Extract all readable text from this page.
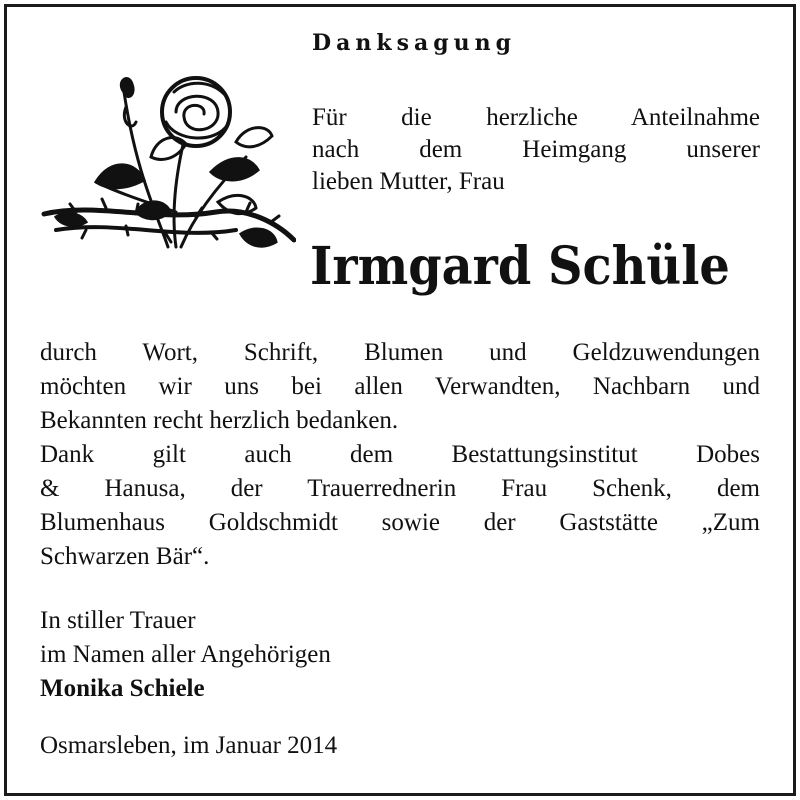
Danksagung
Für die herzliche Anteilnahme
nach dem Heimgang unserer
lieben Mutter, Frau
Irmgard Schüle
durch Wort, Schrift, Blumen und Geldzuwendungen
möchten wir uns bei allen Verwandten, Nachbarn und
Bekannten recht herzlich bedanken.
Dank gilt auch dem Bestattungsinstitut Dobes
& Hanusa, der Trauerrednerin Frau Schenk, dem
Blumenhaus Goldschmidt sowie der Gaststätte „Zum
Schwarzen Bär“.
In stiller Trauer
im Namen aller Angehörigen
Monika Schiele
Osmarsleben, im Januar 2014
